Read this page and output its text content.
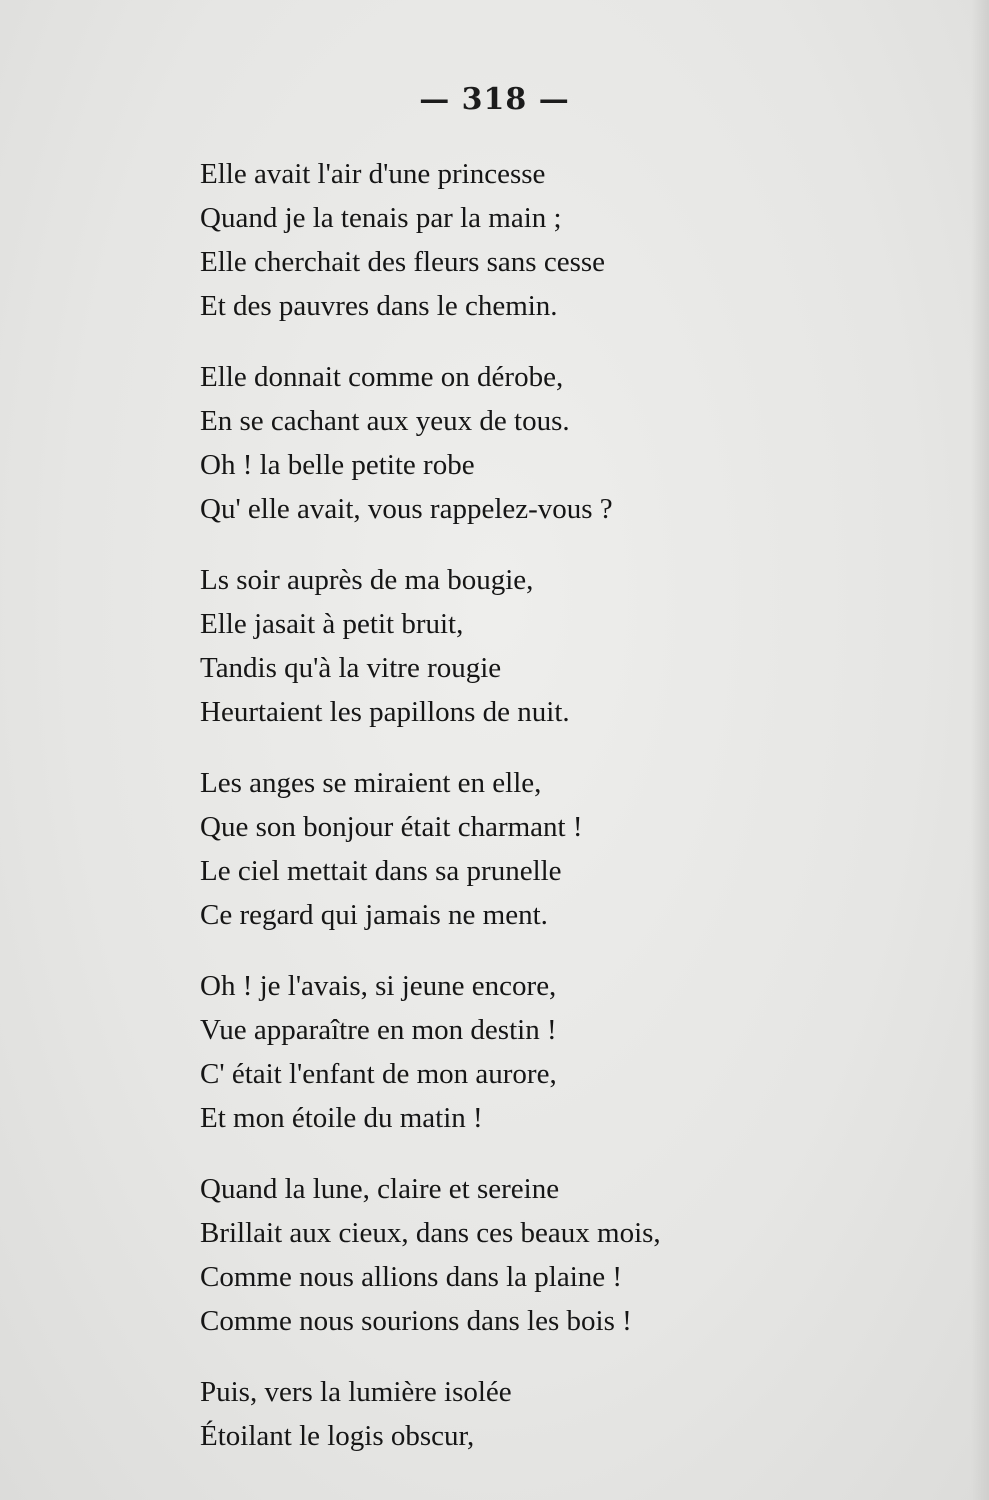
— 318 —
Elle avait l'air d'une princesse
Quand je la tenais par la main ;
Elle cherchait des fleurs sans cesse
Et des pauvres dans le chemin.
Elle donnait comme on dérobe,
En se cachant aux yeux de tous.
Oh ! la belle petite robe
Qu' elle avait, vous rappelez-vous ?
Ls soir auprès de ma bougie,
Elle jasait à petit bruit,
Tandis qu'à la vitre rougie
Heurtaient les papillons de nuit.
Les anges se miraient en elle,
Que son bonjour était charmant !
Le ciel mettait dans sa prunelle
Ce regard qui jamais ne ment.
Oh ! je l'avais, si jeune encore,
Vue apparaître en mon destin !
C' était l'enfant de mon aurore,
Et mon étoile du matin !
Quand la lune, claire et sereine
Brillait aux cieux, dans ces beaux mois,
Comme nous allions dans la plaine !
Comme nous sourions dans les bois !
Puis, vers la lumière isolée
Étoilant le logis obscur,
